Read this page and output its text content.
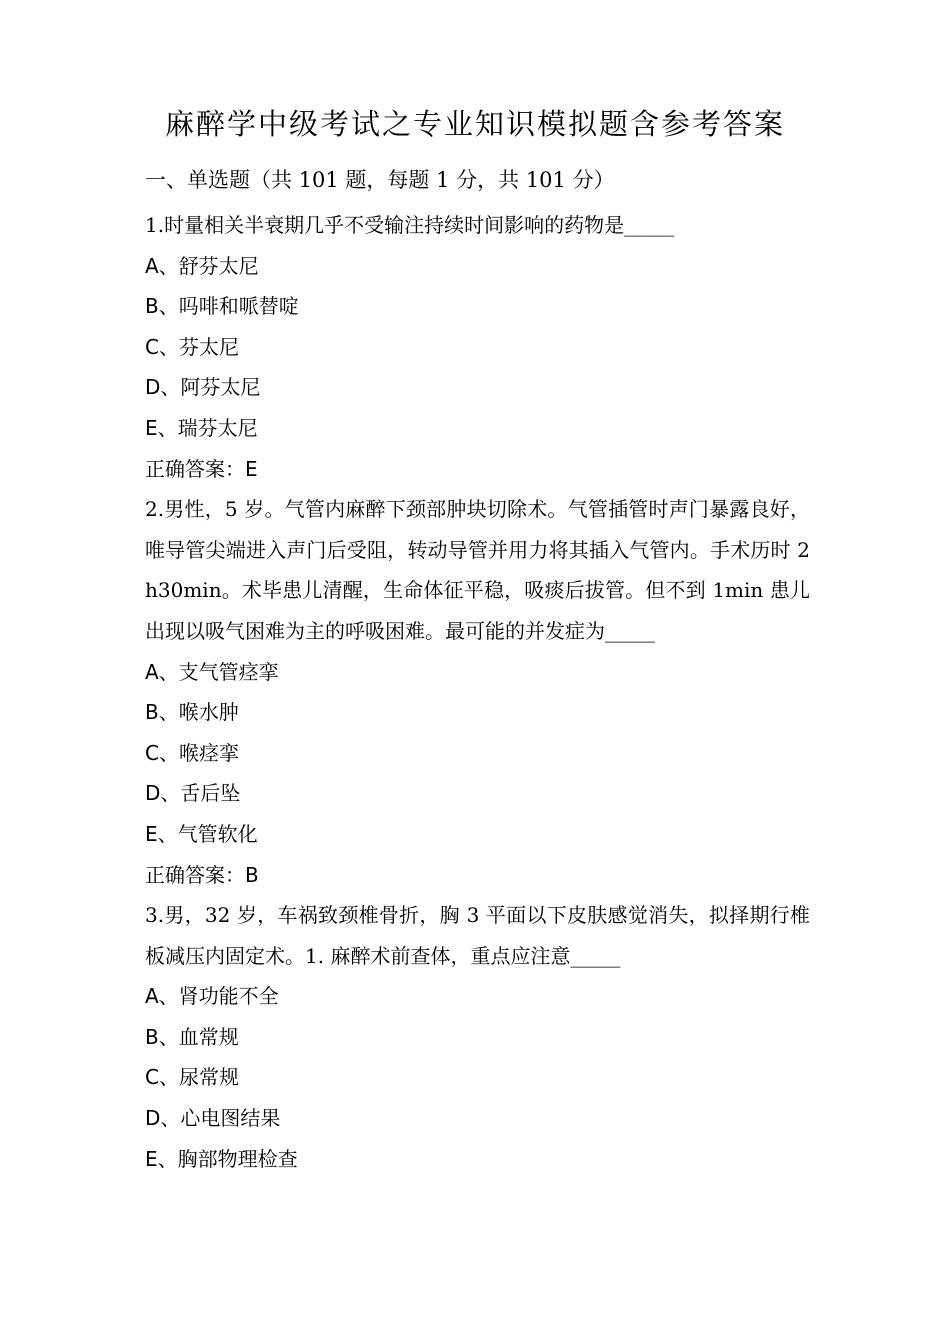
麻醉学中级考试之专业知识模拟题含参考答案
一、单选题（共 101 题，每题 1 分，共 101 分）
1.时量相关半衰期几乎不受输注持续时间影响的药物是_____
A、舒芬太尼
B、吗啡和哌替啶
C、芬太尼
D、阿芬太尼
E、瑞芬太尼
正确答案：E
2.男性，5 岁。气管内麻醉下颈部肿块切除术。气管插管时声门暴露良好，唯导管尖端进入声门后受阻，转动导管并用力将其插入气管内。手术历时 2h30min。术毕患儿清醒，生命体征平稳，吸痰后拔管。但不到 1min 患儿出现以吸气困难为主的呼吸困难。最可能的并发症为_____
A、支气管痉挛
B、喉水肿
C、喉痉挛
D、舌后坠
E、气管软化
正确答案：B
3.男，32 岁，车祸致颈椎骨折，胸 3 平面以下皮肤感觉消失，拟择期行椎板减压内固定术。1. 麻醉术前查体，重点应注意_____
A、肾功能不全
B、血常规
C、尿常规
D、心电图结果
E、胸部物理检查
